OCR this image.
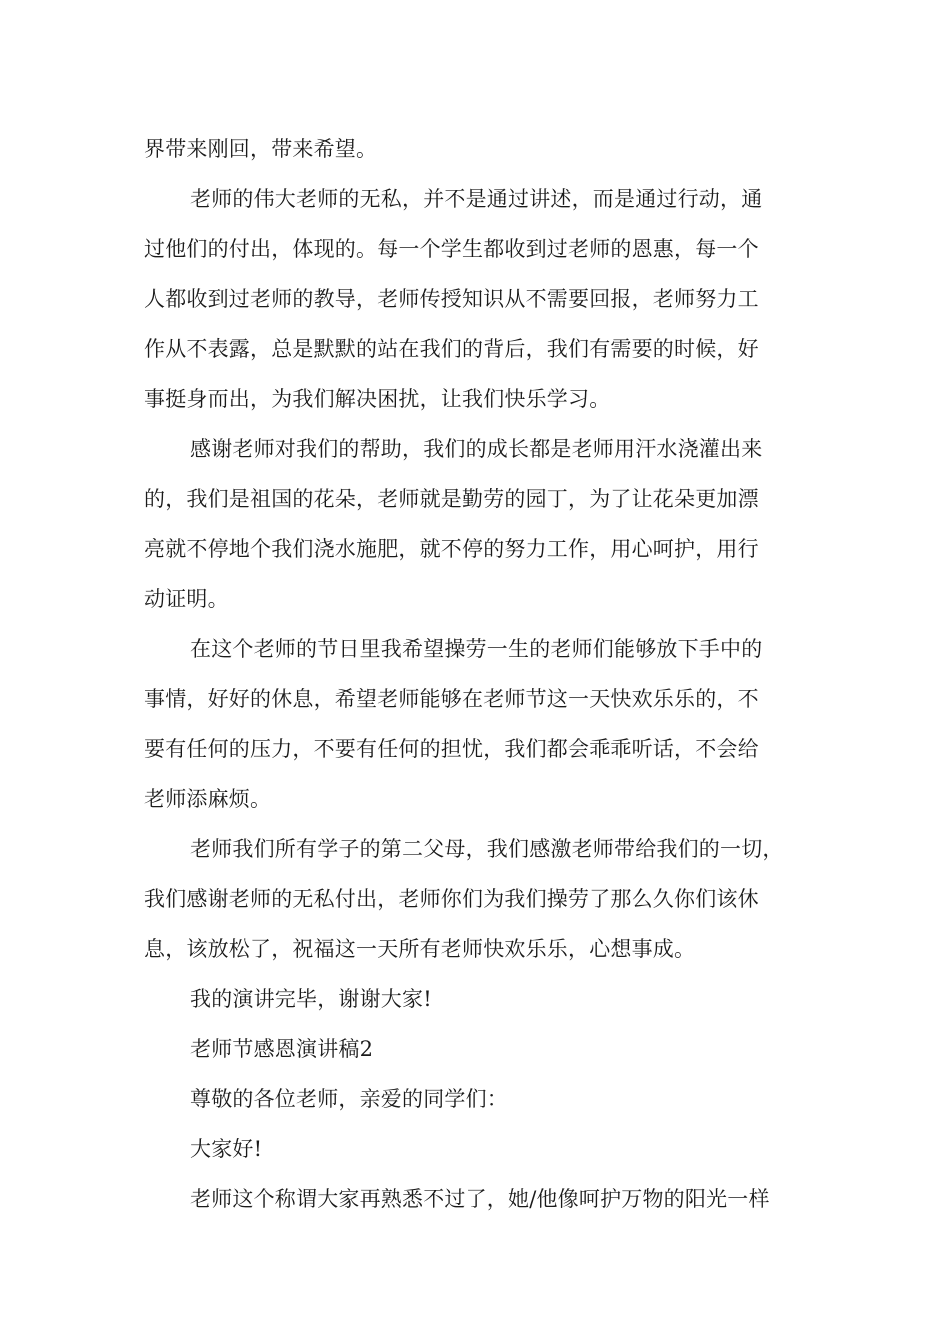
界带来刚回，带来希望。
老师的伟大老师的无私，并不是通过讲述，而是通过行动，通
过他们的付出，体现的。每一个学生都收到过老师的恩惠，每一个
人都收到过老师的教导，老师传授知识从不需要回报，老师努力工
作从不表露，总是默默的站在我们的背后，我们有需要的时候，好
事挺身而出，为我们解决困扰，让我们快乐学习。
感谢老师对我们的帮助，我们的成长都是老师用汗水浇灌出来
的，我们是祖国的花朵，老师就是勤劳的园丁，为了让花朵更加漂
亮就不停地个我们浇水施肥，就不停的努力工作，用心呵护，用行
动证明。
在这个老师的节日里我希望操劳一生的老师们能够放下手中的
事情，好好的休息，希望老师能够在老师节这一天快欢乐乐的，不
要有任何的压力，不要有任何的担忧，我们都会乖乖听话，不会给
老师添麻烦。
老师我们所有学子的第二父母，我们感激老师带给我们的一切，
我们感谢老师的无私付出，老师你们为我们操劳了那么久你们该休
息，该放松了，祝福这一天所有老师快欢乐乐，心想事成。
我的演讲完毕，谢谢大家!
老师节感恩演讲稿2
尊敬的各位老师，亲爱的同学们：
大家好!
老师这个称谓大家再熟悉不过了，她/他像呵护万物的阳光一样
